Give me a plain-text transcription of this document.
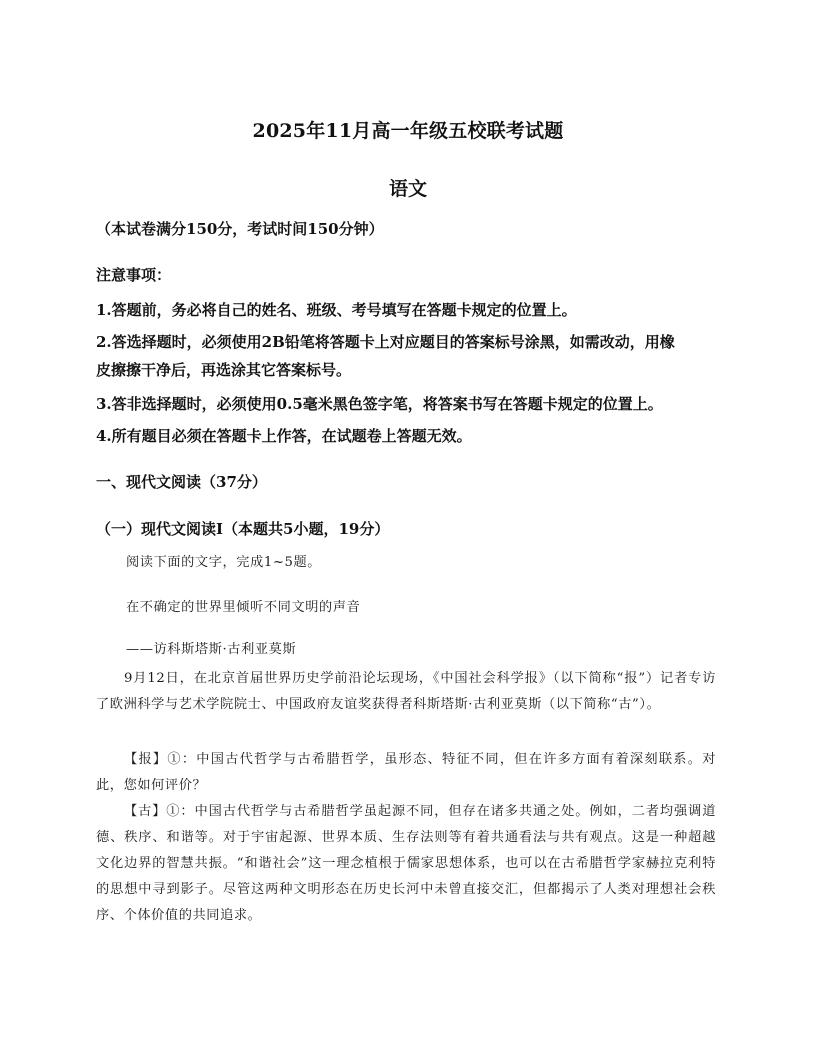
2025年11月高一年级五校联考试题
语文
（本试卷满分150分，考试时间150分钟）
注意事项：
1.答题前，务必将自己的姓名、班级、考号填写在答题卡规定的位置上。
2.答选择题时，必须使用2B铅笔将答题卡上对应题目的答案标号涂黑，如需改动，用橡
皮擦擦干净后，再选涂其它答案标号。
3.答非选择题时，必须使用0.5毫米黑色签字笔，将答案书写在答题卡规定的位置上。
4.所有题目必须在答题卡上作答，在试题卷上答题无效。
一、现代文阅读（37分）
（一）现代文阅读Ⅰ（本题共5小题，19分）
阅读下面的文字，完成1~5题。
在不确定的世界里倾听不同文明的声音
——访科斯塔斯·古利亚莫斯
9月12日，在北京首届世界历史学前沿论坛现场，《中国社会科学报》（以下简称“报”）记者专访了欧洲科学与艺术学院院士、中国政府友谊奖获得者科斯塔斯·古利亚莫斯（以下简称“古”）。
【报】①：中国古代哲学与古希腊哲学，虽形态、特征不同，但在许多方面有着深刻联系。对此，您如何评价？
【古】①：中国古代哲学与古希腊哲学虽起源不同，但存在诸多共通之处。例如，二者均强调道德、秩序、和谐等。对于宇宙起源、世界本质、生存法则等有着共通看法与共有观点。这是一种超越文化边界的智慧共振。“和谐社会”这一理念植根于儒家思想体系，也可以在古希腊哲学家赫拉克利特的思想中寻到影子。尽管这两种文明形态在历史长河中未曾直接交汇，但都揭示了人类对理想社会秩序、个体价值的共同追求。
